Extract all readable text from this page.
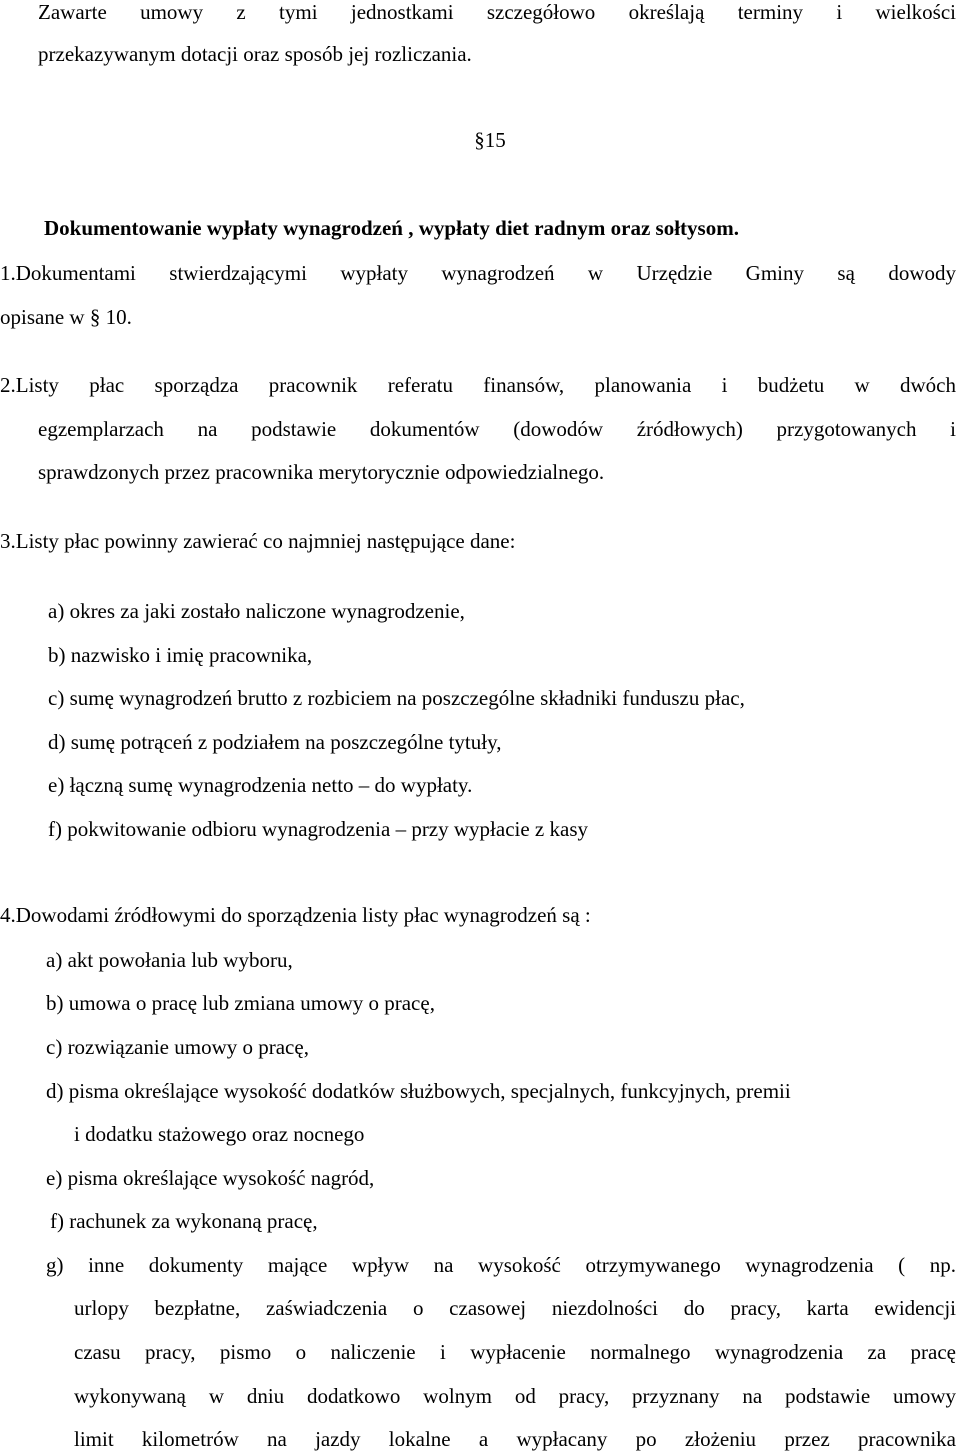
Zawarte umowy z tymi jednostkami szczegółowo określają terminy i wielkości
przekazywanym dotacji oraz sposób jej rozliczania.
§15
Dokumentowanie wypłaty wynagrodzeń , wypłaty diet radnym oraz sołtysom.
1.Dokumentami stwierdzającymi wypłaty wynagrodzeń w Urzędzie Gminy są dowody
opisane w § 10.
2.Listy płac sporządza pracownik referatu finansów, planowania i budżetu w dwóch
egzemplarzach na podstawie dokumentów (dowodów źródłowych) przygotowanych i
sprawdzonych przez pracownika merytorycznie odpowiedzialnego.
3.Listy płac powinny zawierać co najmniej następujące dane:
a) okres za jaki zostało naliczone wynagrodzenie,
b) nazwisko i imię pracownika,
c) sumę wynagrodzeń brutto z rozbiciem na poszczególne składniki funduszu płac,
d) sumę potrąceń z podziałem na poszczególne tytuły,
e) łączną sumę wynagrodzenia netto – do wypłaty.
f) pokwitowanie odbioru wynagrodzenia – przy wypłacie z kasy
4.Dowodami źródłowymi do sporządzenia listy płac wynagrodzeń są :
a) akt powołania lub wyboru,
b) umowa o pracę lub zmiana umowy o pracę,
c) rozwiązanie umowy o pracę,
d) pisma określające wysokość dodatków służbowych, specjalnych, funkcyjnych, premii
i dodatku stażowego oraz nocnego
e) pisma określające wysokość nagród,
f) rachunek za wykonaną pracę,
g) inne dokumenty mające wpływ na wysokość otrzymywanego wynagrodzenia ( np.
urlopy bezpłatne, zaświadczenia o czasowej niezdolności do pracy, karta ewidencji
czasu pracy, pismo o naliczenie i wypłacenie normalnego wynagrodzenia za pracę
wykonywaną w dniu dodatkowo wolnym od pracy, przyznany na podstawie umowy
limit kilometrów na jazdy lokalne a wypłacany po złożeniu przez pracownika
